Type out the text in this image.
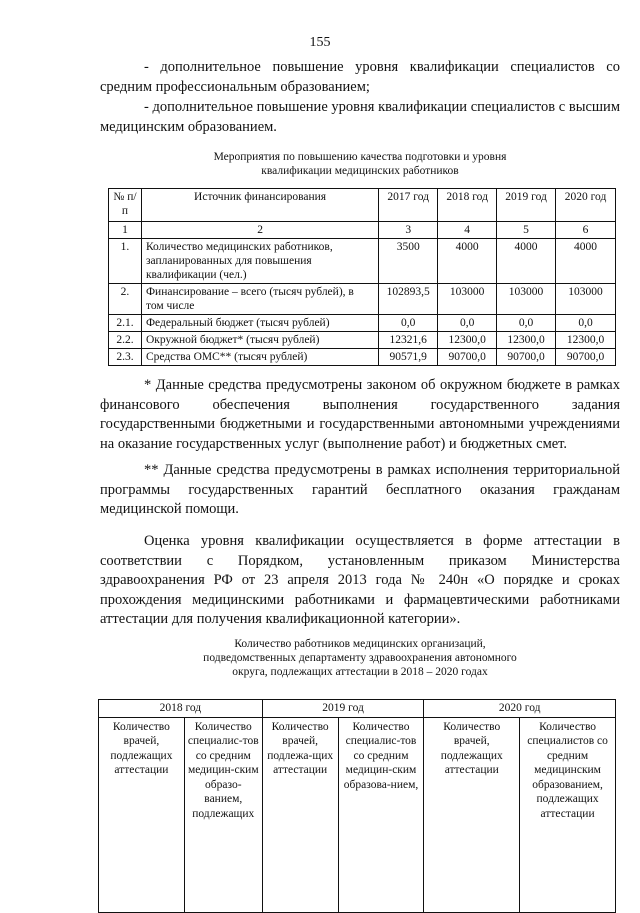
155
- дополнительное повышение уровня квалификации специалистов со средним профессиональным образованием;
- дополнительное повышение уровня квалификации специалистов с высшим медицинским образованием.
Мероприятия по повышению качества подготовки и уровня квалификации медицинских работников
№ п/п	Источник финансирования	2017 год	2018 год	2019 год	2020 год
1	2	3	4	5	6
1.	Количество медицинских работников, запланированных для повышения квалификации (чел.)	3500	4000	4000	4000
2.	Финансирование – всего (тысяч рублей), в том числе	102893,5	103000	103000	103000
2.1.	Федеральный бюджет (тысяч рублей)	0,0	0,0	0,0	0,0
2.2.	Окружной бюджет* (тысяч рублей)	12321,6	12300,0	12300,0	12300,0
2.3.	Средства ОМС** (тысяч рублей)	90571,9	90700,0	90700,0	90700,0
* Данные средства предусмотрены законом об окружном бюджете в рамках финансового обеспечения выполнения государственного задания государственными бюджетными и государственными автономными учреждениями на оказание государственных услуг (выполнение работ) и бюджетных смет.
** Данные средства предусмотрены в рамках исполнения территориальной программы государственных гарантий бесплатного оказания гражданам медицинской помощи.
Оценка уровня квалификации осуществляется в форме аттестации в соответствии с Порядком, установленным приказом Министерства здравоохранения РФ от 23 апреля 2013 года № 240н «О порядке и сроках прохождения медицинскими работниками и фармацевтическими работниками аттестации для получения квалификационной категории».
Количество работников медицинских организаций,
подведомственных департаменту здравоохранения автономного
округа, подлежащих аттестации в 2018 – 2020 годах
2018 год		2019 год		2020 год	
Количество врачей, подлежащих аттестации	Количество специалис-тов со средним медицин-ским образо-ванием, подлежащих	Количество врачей, подлежа-щих аттестации	Количество специалис-тов со средним медицин-ским образова-нием,	Количество врачей, подлежащих аттестации	Количество специалистов со средним медицинским образованием, подлежащих аттестации
